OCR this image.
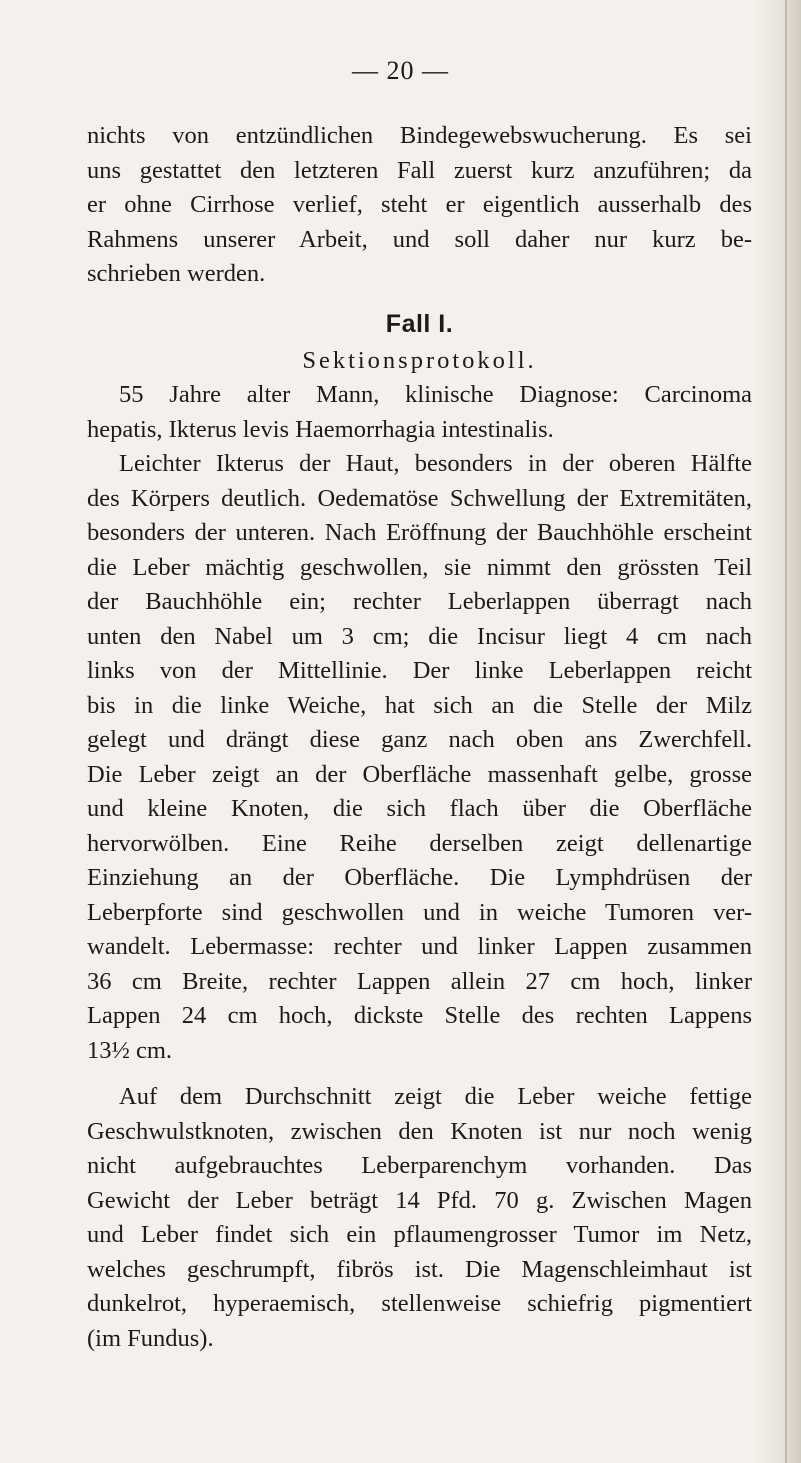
— 20 —
nichts von entzündlichen Bindegewebswucherung. Es sei
uns gestattet den letzteren Fall zuerst kurz anzuführen; da
er ohne Cirrhose verlief, steht er eigentlich ausserhalb des
Rahmens unserer Arbeit, und soll daher nur kurz be-
schrieben werden.
Fall I.
Sektionsprotokoll.
55 Jahre alter Mann, klinische Diagnose: Carcinoma
hepatis, Ikterus levis Haemorrhagia intestinalis.
Leichter Ikterus der Haut, besonders in der oberen Hälfte
des Körpers deutlich. Oedematöse Schwellung der Extremitäten,
besonders der unteren. Nach Eröffnung der Bauchhöhle erscheint
die Leber mächtig geschwollen, sie nimmt den grössten Teil
der Bauchhöhle ein; rechter Leberlappen überragt nach
unten den Nabel um 3 cm; die Incisur liegt 4 cm nach
links von der Mittellinie. Der linke Leberlappen reicht
bis in die linke Weiche, hat sich an die Stelle der Milz
gelegt und drängt diese ganz nach oben ans Zwerchfell.
Die Leber zeigt an der Oberfläche massenhaft gelbe, grosse
und kleine Knoten, die sich flach über die Oberfläche
hervorwölben. Eine Reihe derselben zeigt dellenartige
Einziehung an der Oberfläche. Die Lymphdrüsen der
Leberpforte sind geschwollen und in weiche Tumoren ver-
wandelt. Lebermasse: rechter und linker Lappen zusammen
36 cm Breite, rechter Lappen allein 27 cm hoch, linker
Lappen 24 cm hoch, dickste Stelle des rechten Lappens
13½ cm.
Auf dem Durchschnitt zeigt die Leber weiche fettige
Geschwulstknoten, zwischen den Knoten ist nur noch wenig
nicht aufgebrauchtes Leberparenchym vorhanden. Das
Gewicht der Leber beträgt 14 Pfd. 70 g. Zwischen Magen
und Leber findet sich ein pflaumengrosser Tumor im Netz,
welches geschrumpft, fibrös ist. Die Magenschleimhaut ist
dunkelrot, hyperaemisch, stellenweise schiefrig pigmentiert
(im Fundus).
